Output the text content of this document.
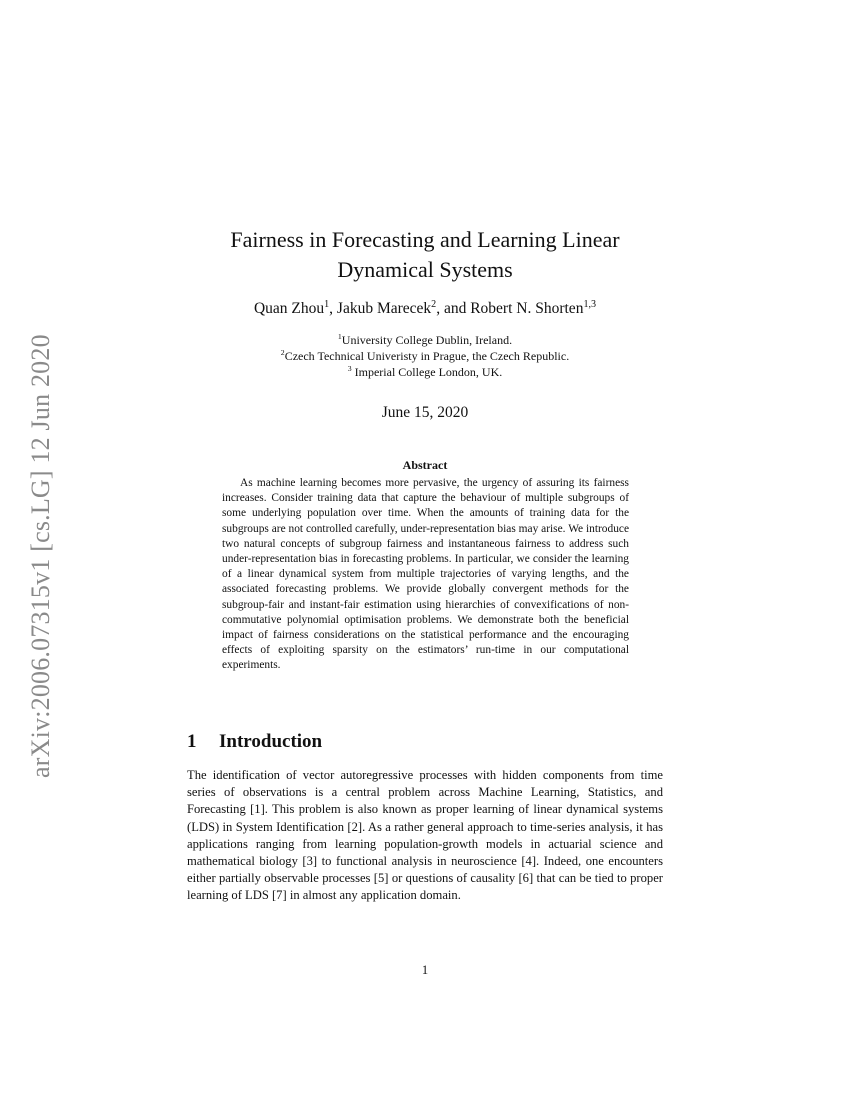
arXiv:2006.07315v1 [cs.LG] 12 Jun 2020
Fairness in Forecasting and Learning Linear Dynamical Systems
Quan Zhou$^1$, Jakub Marecek$^2$, and Robert N. Shorten$^{1,3}$
$^1$University College Dublin, Ireland.
$^2$Czech Technical Univeristy in Prague, the Czech Republic.
$^3$ Imperial College London, UK.
June 15, 2020
Abstract

As machine learning becomes more pervasive, the urgency of assuring its fairness increases. Consider training data that capture the behaviour of multiple subgroups of some underlying population over time. When the amounts of training data for the subgroups are not controlled carefully, under-representation bias may arise. We introduce two natural concepts of subgroup fairness and instantaneous fairness to address such under-representation bias in forecasting problems. In particular, we consider the learning of a linear dynamical system from multiple trajectories of varying lengths, and the associated forecasting problems. We provide globally convergent methods for the subgroup-fair and instant-fair estimation using hierarchies of convexifications of non-commutative polynomial optimisation problems. We demonstrate both the beneficial impact of fairness considerations on the statistical performance and the encouraging effects of exploiting sparsity on the estimators’ run-time in our computational experiments.

1 Introduction

The identification of vector autoregressive processes with hidden components from time series of observations is a central problem across Machine Learning, Statistics, and Forecasting [1]. This problem is also known as proper learning of linear dynamical systems (LDS) in System Identification [2]. As a rather general approach to time-series analysis, it has applications ranging from learning population-growth models in actuarial science and mathematical biology [3] to functional analysis in neuroscience [4]. Indeed, one encounters either partially observable processes [5] or questions of causality [6] that can be tied to proper learning of LDS [7] in almost any application domain.

1
